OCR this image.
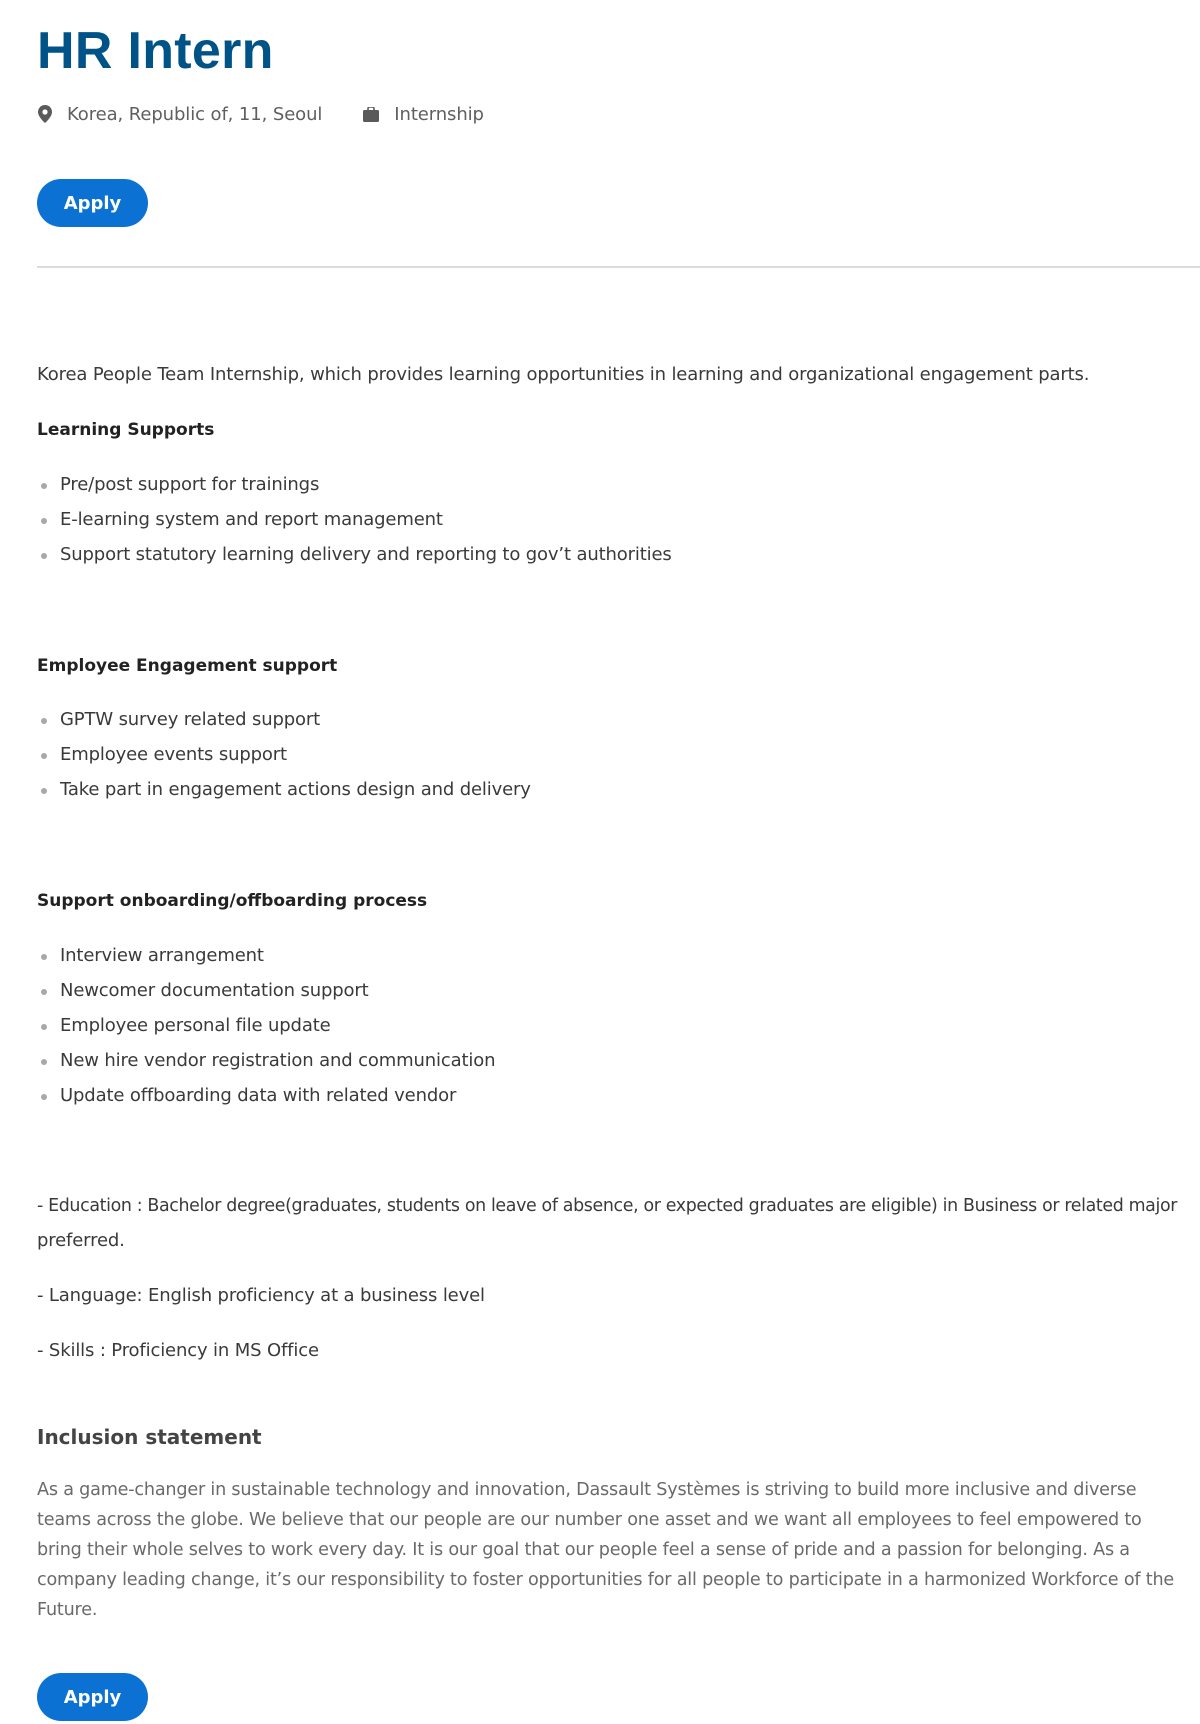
HR Intern
Korea, Republic of, 11, Seoul	Internship
Apply

Korea People Team Internship, which provides learning opportunities in learning and organizational engagement parts.

Learning Supports
Pre/post support for trainings
E-learning system and report management
Support statutory learning delivery and reporting to gov’t authorities
Employee Engagement support
GPTW survey related support
Employee events support
Take part in engagement actions design and delivery
Support onboarding/offboarding process
Interview arrangement
Newcomer documentation support
Employee personal file update
New hire vendor registration and communication
Update offboarding data with related vendor

- Education : Bachelor degree(graduates, students on leave of absence, or expected graduates are eligible) in Business or related major

preferred.

- Language: English proficiency at a business level

- Skills : Proficiency in MS Office

Inclusion statement

As a game-changer in sustainable technology and innovation, Dassault Systèmes is striving to build more inclusive and diverse teams across the globe. We believe that our people are our number one asset and we want all employees to feel empowered to bring their whole selves to work every day. It is our goal that our people feel a sense of pride and a passion for belonging. As a company leading change, it’s our responsibility to foster opportunities for all people to participate in a harmonized Workforce of the Future.

Apply
